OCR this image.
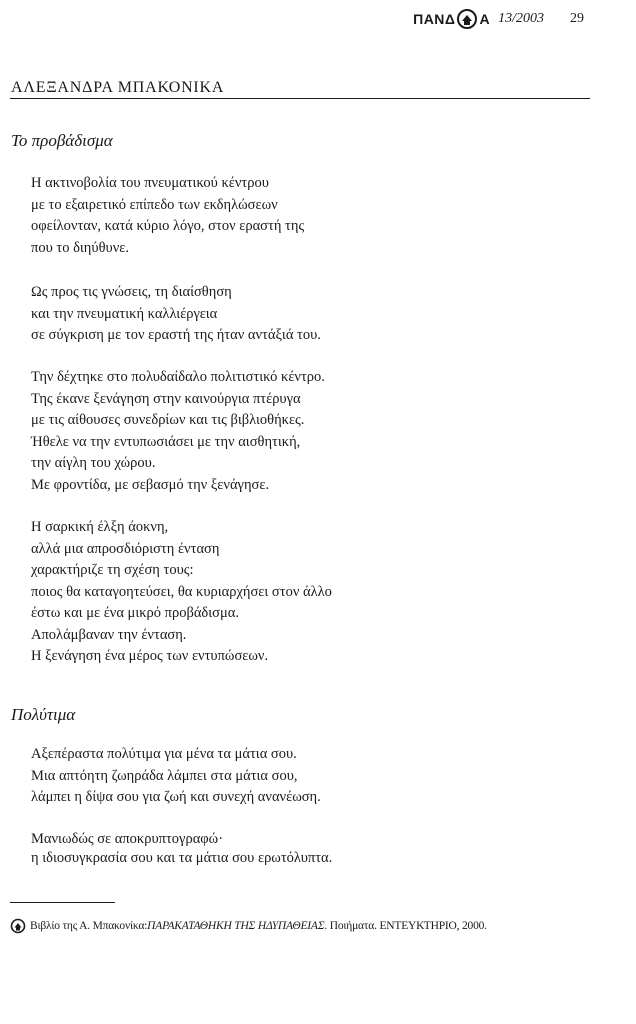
ΠΑΝΔ Α 13/2003 29
ΑΛΕΞΑΝΔΡΑ ΜΠΑΚΟΝΙΚΑ
Το προβάδισμα
Η ακτινοβολία του πνευματικού κέντρου
με το εξαιρετικό επίπεδο των εκδηλώσεων
οφείλονταν, κατά κύριο λόγο, στον εραστή της
που το διηύθυνε.
Ως προς τις γνώσεις, τη διαίσθηση
και την πνευματική καλλιέργεια
σε σύγκριση με τον εραστή της ήταν αντάξιά του.
Την δέχτηκε στο πολυδαίδαλο πολιτιστικό κέντρο.
Της έκανε ξενάγηση στην καινούργια πτέρυγα
με τις αίθουσες συνεδρίων και τις βιβλιοθήκες.
Ήθελε να την εντυπωσιάσει με την αισθητική,
την αίγλη του χώρου.
Με φροντίδα, με σεβασμό την ξενάγησε.
Η σαρκική έλξη άοκνη,
αλλά μια απροσδιόριστη ένταση
χαρακτήριζε τη σχέση τους:
ποιος θα καταγοητεύσει, θα κυριαρχήσει στον άλλο
έστω και με ένα μικρό προβάδισμα.
Απολάμβαναν την ένταση.
Η ξενάγηση ένα μέρος των εντυπώσεων.
Πολύτιμα
Αξεπέραστα πολύτιμα για μένα τα μάτια σου.
Μια απτόητη ζωηράδα λάμπει στα μάτια σου,
λάμπει η δίψα σου για ζωή και συνεχή ανανέωση.
Μανιωδώς σε αποκρυπτογραφώ·
η ιδιοσυγκρασία σου και τα μάτια σου ερωτόλυπτα.
Βιβλίο της Α. Μπακονίκα: ΠΑΡΑΚΑΤΑΘΗΚΗ ΤΗΣ ΗΔΥΠΑΘΕΙΑΣ . Ποιήματα. ΕΝΤΕΥΚΤΗΡΙΟ, 2000.
